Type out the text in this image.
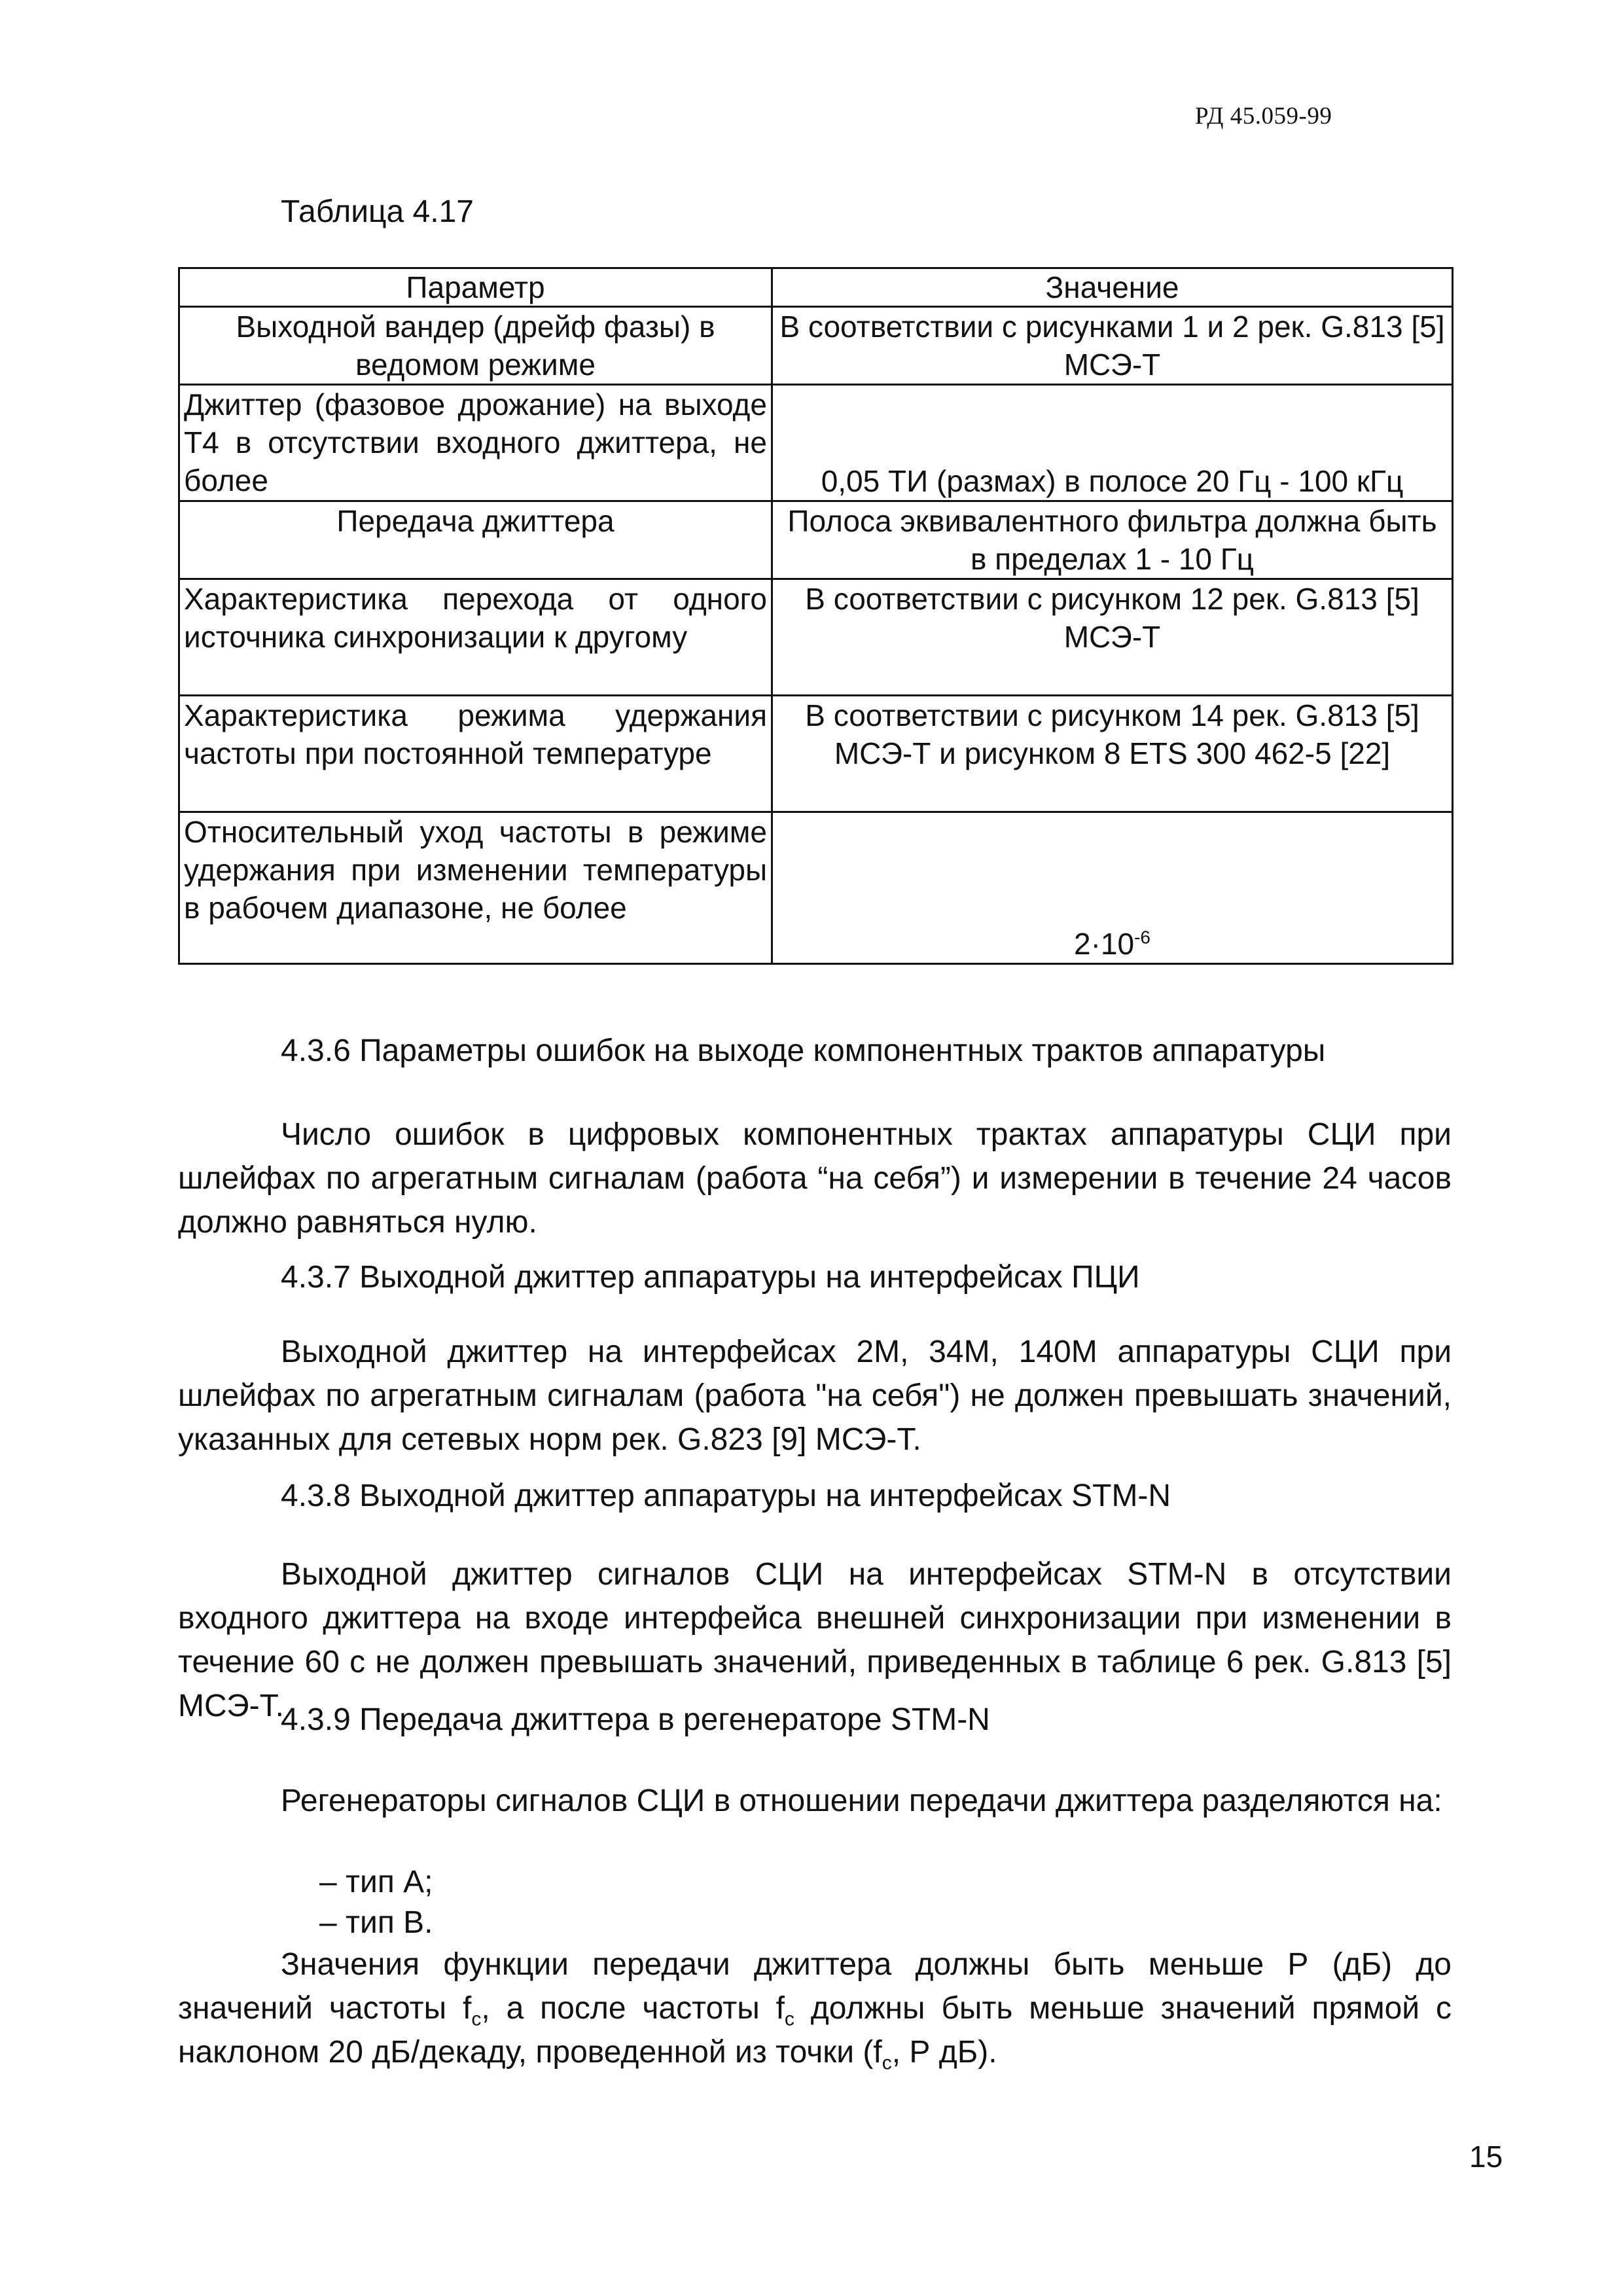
РД 45.059-99
Таблица 4.17
Параметр	Значение
Выходной вандер (дрейф фазы) в ведомом режиме	В соответствии с рисунками 1 и 2 рек. G.813 [5] МСЭ-Т
Джиттер (фазовое дрожание) на выходе Т4 в отсутствии входного джиттера, не более	0,05 ТИ (размах) в полосе 20 Гц - 100 кГц
Передача джиттера	Полоса эквивалентного фильтра должна быть в пределах 1 - 10 Гц
Характеристика перехода от одного источника синхронизации к другому	В соответствии с рисунком 12 рек. G.813 [5] МСЭ-Т
Характеристика режима удержания частоты при постоянной температуре	В соответствии с рисунком 14 рек. G.813 [5] МСЭ-Т и рисунком 8 ETS 300 462-5 [22]
Относительный уход частоты в режиме удержания при изменении температуры в рабочем диапазоне, не более	$2\cdot 10^{-6}$
4.3.6 Параметры ошибок на выходе компонентных трактов аппаратуры
Число ошибок в цифровых компонентных трактах аппаратуры СЦИ при шлейфах по агрегатным сигналам (работа “на себя”) и измерении в течение 24 часов должно равняться нулю.
4.3.7 Выходной джиттер аппаратуры на интерфейсах ПЦИ
Выходной джиттер на интерфейсах 2М, 34М, 140М аппаратуры СЦИ при шлейфах по агрегатным сигналам (работа "на себя") не должен превышать значений, указанных для сетевых норм рек. G.823 [9] МСЭ-Т.
4.3.8 Выходной джиттер аппаратуры на интерфейсах STM-N
Выходной джиттер сигналов СЦИ на интерфейсах STM-N в отсутствии входного джиттера на входе интерфейса внешней синхронизации при изменении в течение 60 с не должен превышать значений, приведенных в таблице 6 рек. G.813 [5] МСЭ-Т.
4.3.9 Передача джиттера в регенераторе STM-N
Регенераторы сигналов СЦИ в отношении передачи джиттера разделяются на:
– тип А;
– тип В.
Значения функции передачи джиттера должны быть меньше Р (дБ) до значений частоты $f_c$, а после частоты $f_c$ должны быть меньше значений прямой с наклоном 20 дБ/декаду, проведенной из точки ($f_c$, Р дБ).
15
